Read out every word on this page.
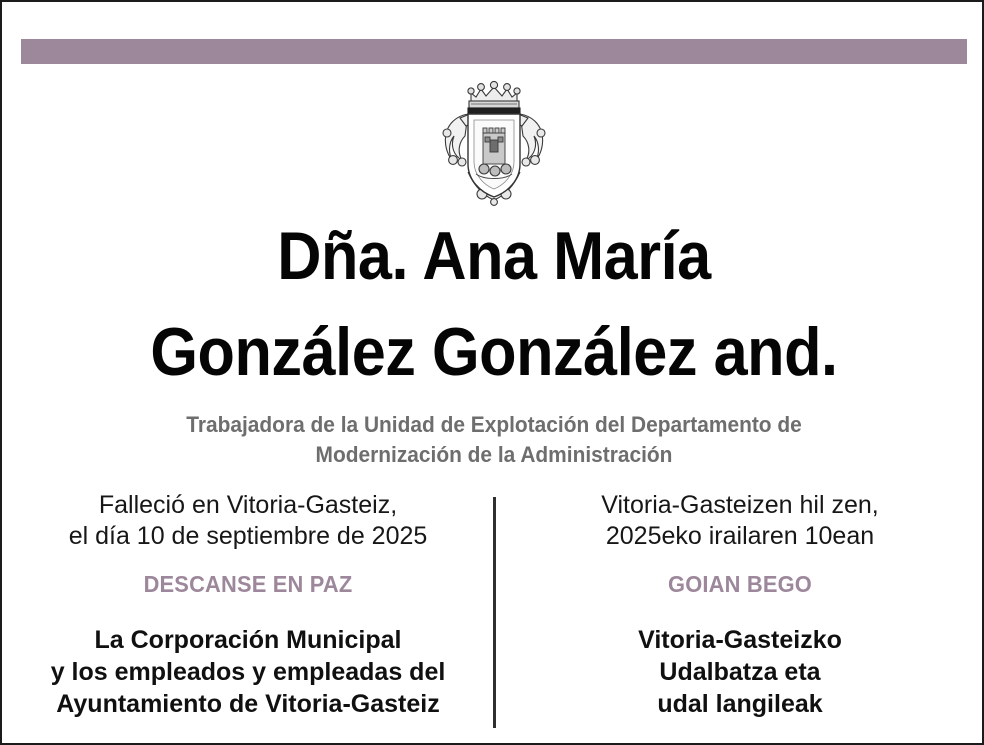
Dña. Ana María
González González and.
Trabajadora de la Unidad de Explotación del Departamento de
Modernización de la Administración
Falleció en Vitoria-Gasteiz,
el día 10 de septiembre de 2025
DESCANSE EN PAZ
La Corporación Municipal
y los empleados y empleadas del
Ayuntamiento de Vitoria-Gasteiz
Vitoria-Gasteizen hil zen,
2025eko irailaren 10ean
GOIAN BEGO
Vitoria-Gasteizko
Udalbatza eta
udal langileak
